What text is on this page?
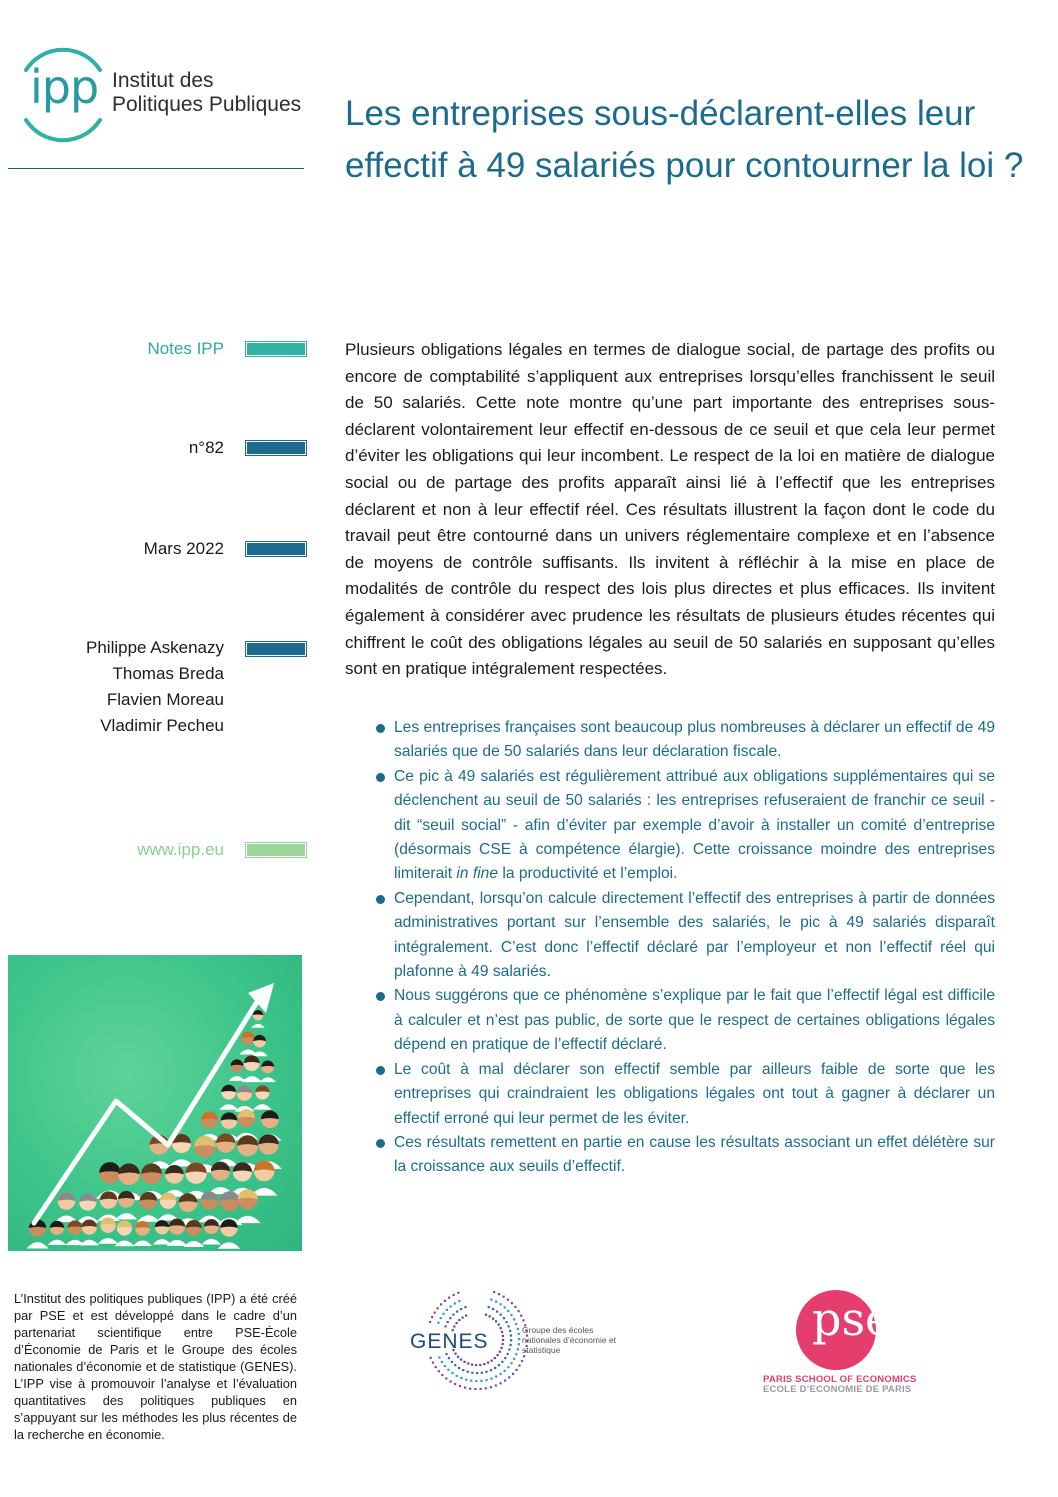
ipp Institut des
Politiques Publiques Les entreprises sous-déclarent-elles leur effectif à 49 salariés pour contourner la loi ?
Notes IPP
n°82
Mars 2022
Philippe Askenazy
Thomas Breda
Flavien Moreau
Vladimir Pecheu
www.ipp.eu

Plusieurs obligations légales en termes de dialogue social, de partage des profits ou encore de comptabilité s’appliquent aux entreprises lorsqu’elles franchissent le seuil de 50 salariés. Cette note montre qu’une part importante des entreprises sous-déclarent volontairement leur effectif en-dessous de ce seuil et que cela leur permet d’éviter les obligations qui leur incombent. Le respect de la loi en matière de dialogue social ou de partage des profits apparaît ainsi lié à l’effectif que les entreprises déclarent et non à leur effectif réel. Ces résultats illustrent la façon dont le code du travail peut être contourné dans un univers réglementaire complexe et en l’absence de moyens de contrôle suffisants. Ils invitent à réfléchir à la mise en place de modalités de contrôle du respect des lois plus directes et plus efficaces. Ils invitent également à considérer avec prudence les résultats de plusieurs études récentes qui chiffrent le coût des obligations légales au seuil de 50 salariés en supposant qu’elles sont en pratique intégralement respectées.

Les entreprises françaises sont beaucoup plus nombreuses à déclarer un effectif de 49 salariés que de 50 salariés dans leur déclaration fiscale.
Ce pic à 49 salariés est régulièrement attribué aux obligations supplémentaires qui se déclenchent au seuil de 50 salariés : les entreprises refuseraient de franchir ce seuil - dit “seuil social” - afin d’éviter par exemple d’avoir à installer un comité d’entreprise (désormais CSE à compétence élargie). Cette croissance moindre des entreprises limiterait in fine la productivité et l’emploi.
Cependant, lorsqu’on calcule directement l’effectif des entreprises à partir de données administratives portant sur l’ensemble des salariés, le pic à 49 salariés disparaît intégralement. C’est donc l’effectif déclaré par l’employeur et non l’effectif réel qui plafonne à 49 salariés.
Nous suggérons que ce phénomène s’explique par le fait que l’effectif légal est difficile à calculer et n’est pas public, de sorte que le respect de certaines obligations légales dépend en pratique de l’effectif déclaré.
Le coût à mal déclarer son effectif semble par ailleurs faible de sorte que les entreprises qui craindraient les obligations légales ont tout à gagner à déclarer un effectif erroné qui leur permet de les éviter.
Ces résultats remettent en partie en cause les résultats associant un effet délétère sur la croissance aux seuils d’effectif.

L’Institut des politiques publiques (IPP) a été créé par PSE et est développé dans le cadre d’un partenariat scientifique entre PSE-École d’Économie de Paris et le Groupe des écoles nationales d’économie et de statistique (GENES). L’IPP vise à promouvoir l’analyse et l’évaluation quantitatives des politiques publiques en s’appuyant sur les méthodes les plus récentes de la recherche en économie.

GENES	Groupe des écoles nationales d’économie et statistique
pse
PARIS SCHOOL OF ECONOMICS
ECOLE D’ECONOMIE DE PARIS
